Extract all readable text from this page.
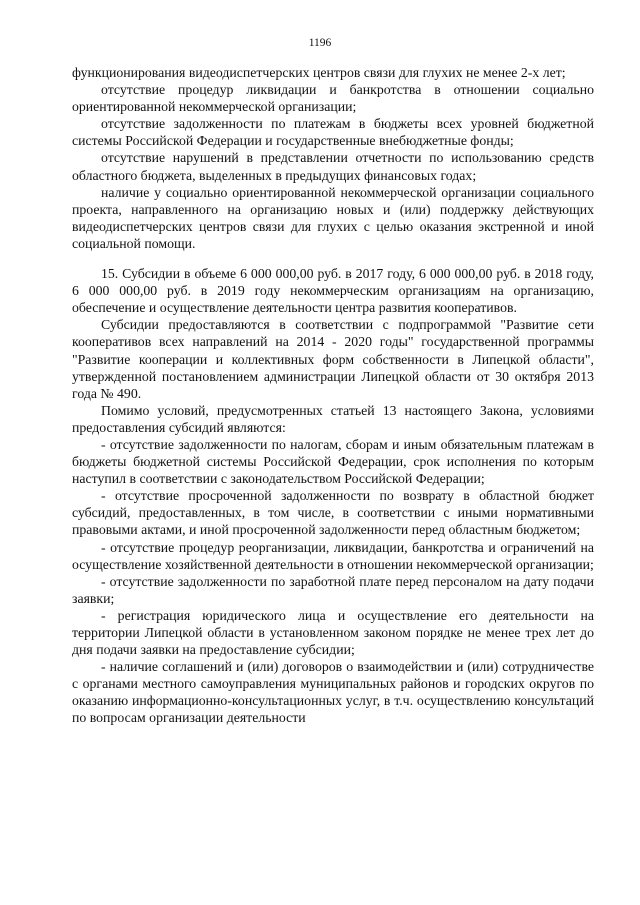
1196

функционирования видеодиспетчерских центров связи для глухих не менее 2-х лет;

отсутствие процедур ликвидации и банкротства в отношении социально ориентированной некоммерческой организации;

отсутствие задолженности по платежам в бюджеты всех уровней бюджетной системы Российской Федерации и государственные внебюджетные фонды;

отсутствие нарушений в представлении отчетности по использованию средств областного бюджета, выделенных в предыдущих финансовых годах;

наличие у социально ориентированной некоммерческой организации социального проекта, направленного на организацию новых и (или) поддержку действующих видеодиспетчерских центров связи для глухих с целью оказания экстренной и иной социальной помощи.

15. Субсидии в объеме 6 000 000,00 руб. в 2017 году, 6 000 000,00 руб. в 2018 году, 6 000 000,00 руб. в 2019 году некоммерческим организациям на организацию, обеспечение и осуществление деятельности центра развития кооперативов.

Субсидии предоставляются в соответствии с подпрограммой "Развитие сети кооперативов всех направлений на 2014 - 2020 годы" государственной программы "Развитие кооперации и коллективных форм собственности в Липецкой области", утвержденной постановлением администрации Липецкой области от 30 октября 2013 года № 490.

Помимо условий, предусмотренных статьей 13 настоящего Закона, условиями предоставления субсидий являются:

- отсутствие задолженности по налогам, сборам и иным обязательным платежам в бюджеты бюджетной системы Российской Федерации, срок исполнения по которым наступил в соответствии с законодательством Российской Федерации;

- отсутствие просроченной задолженности по возврату в областной бюджет субсидий, предоставленных, в том числе, в соответствии с иными нормативными правовыми актами, и иной просроченной задолженности перед областным бюджетом;

- отсутствие процедур реорганизации, ликвидации, банкротства и ограничений на осуществление хозяйственной деятельности в отношении некоммерческой организации;

- отсутствие задолженности по заработной плате перед персоналом на дату подачи заявки;

- регистрация юридического лица и осуществление его деятельности на территории Липецкой области в установленном законом порядке не менее трех лет до дня подачи заявки на предоставление субсидии;

- наличие соглашений и (или) договоров о взаимодействии и (или) сотрудничестве с органами местного самоуправления муниципальных районов и городских округов по оказанию информационно-консультационных услуг, в т.ч. осуществлению консультаций по вопросам организации деятельности
